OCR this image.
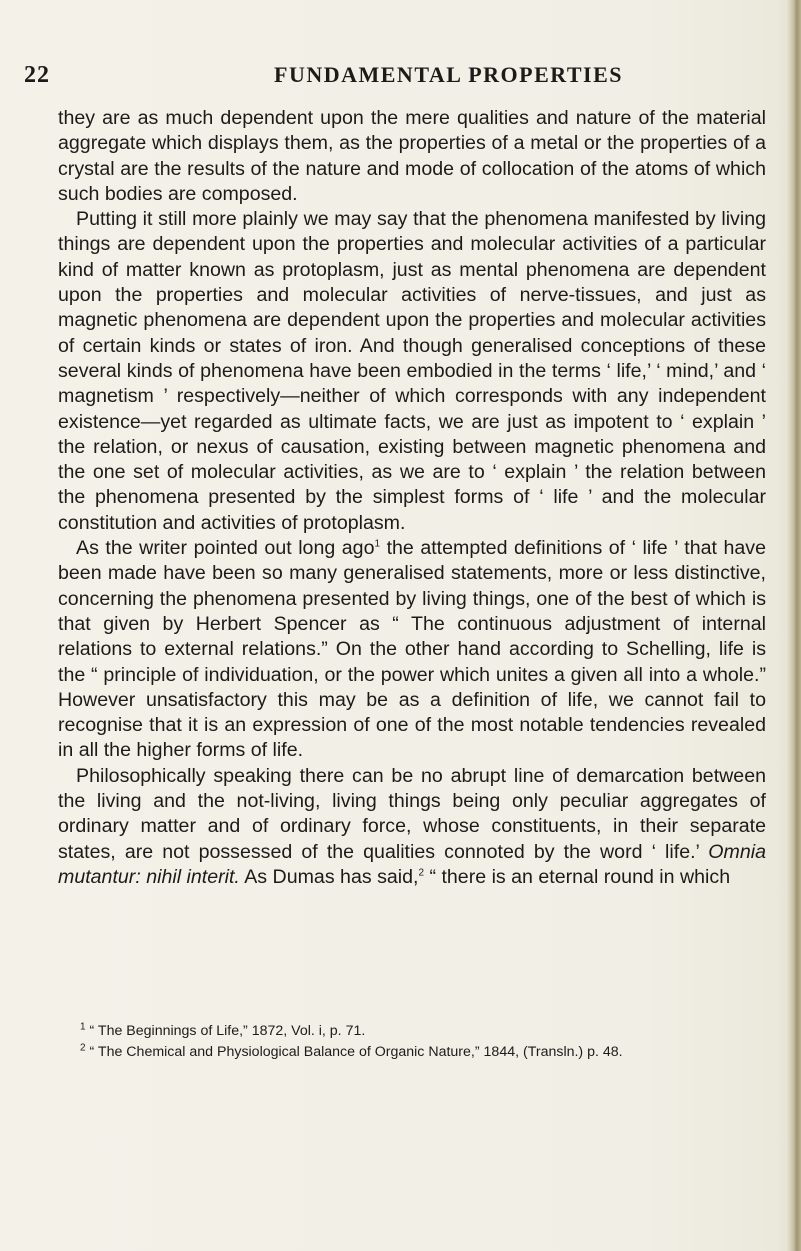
22	FUNDAMENTAL PROPERTIES

they are as much dependent upon the mere qualities and nature of the material aggregate which displays them, as the properties of a metal or the properties of a crystal are the results of the nature and mode of collocation of the atoms of which such bodies are composed.

Putting it still more plainly we may say that the phenomena manifested by living things are dependent upon the properties and molecular activities of a particular kind of matter known as protoplasm, just as mental phenomena are dependent upon the properties and molecular activities of nerve-tissues, and just as magnetic phenomena are dependent upon the properties and molecular activities of certain kinds or states of iron. And though generalised conceptions of these several kinds of phenomena have been embodied in the terms ‘ life,’ ‘ mind,’ and ‘ magnetism ’ respectively—neither of which corresponds with any independent existence—yet regarded as ultimate facts, we are just as impotent to ‘ explain ’ the relation, or nexus of causation, existing between magnetic phenomena and the one set of molecular activities, as we are to ‘ explain ’ the relation between the phenomena presented by the simplest forms of ‘ life ’ and the molecular constitution and activities of protoplasm.

As the writer pointed out long ago$^1$ the attempted definitions of ‘ life ’ that have been made have been so many generalised statements, more or less distinctive, concerning the phenomena presented by living things, one of the best of which is that given by Herbert Spencer as “ The continuous adjustment of internal relations to external relations.” On the other hand according to Schelling, life is the “ principle of individuation, or the power which unites a given all into a whole.” However unsatisfactory this may be as a definition of life, we cannot fail to recognise that it is an expression of one of the most notable tendencies revealed in all the higher forms of life.

Philosophically speaking there can be no abrupt line of demarcation between the living and the not-living, living things being only peculiar aggregates of ordinary matter and of ordinary force, whose constituents, in their separate states, are not possessed of the qualities connoted by the word ‘ life.’ Omnia mutantur: nihil interit. As Dumas has said,$^2$ “ there is an eternal round in which

$^1$ “ The Beginnings of Life,” 1872, Vol. i, p. 71.

$^2$ “ The Chemical and Physiological Balance of Organic Nature,” 1844, (Transln.) p. 48.
